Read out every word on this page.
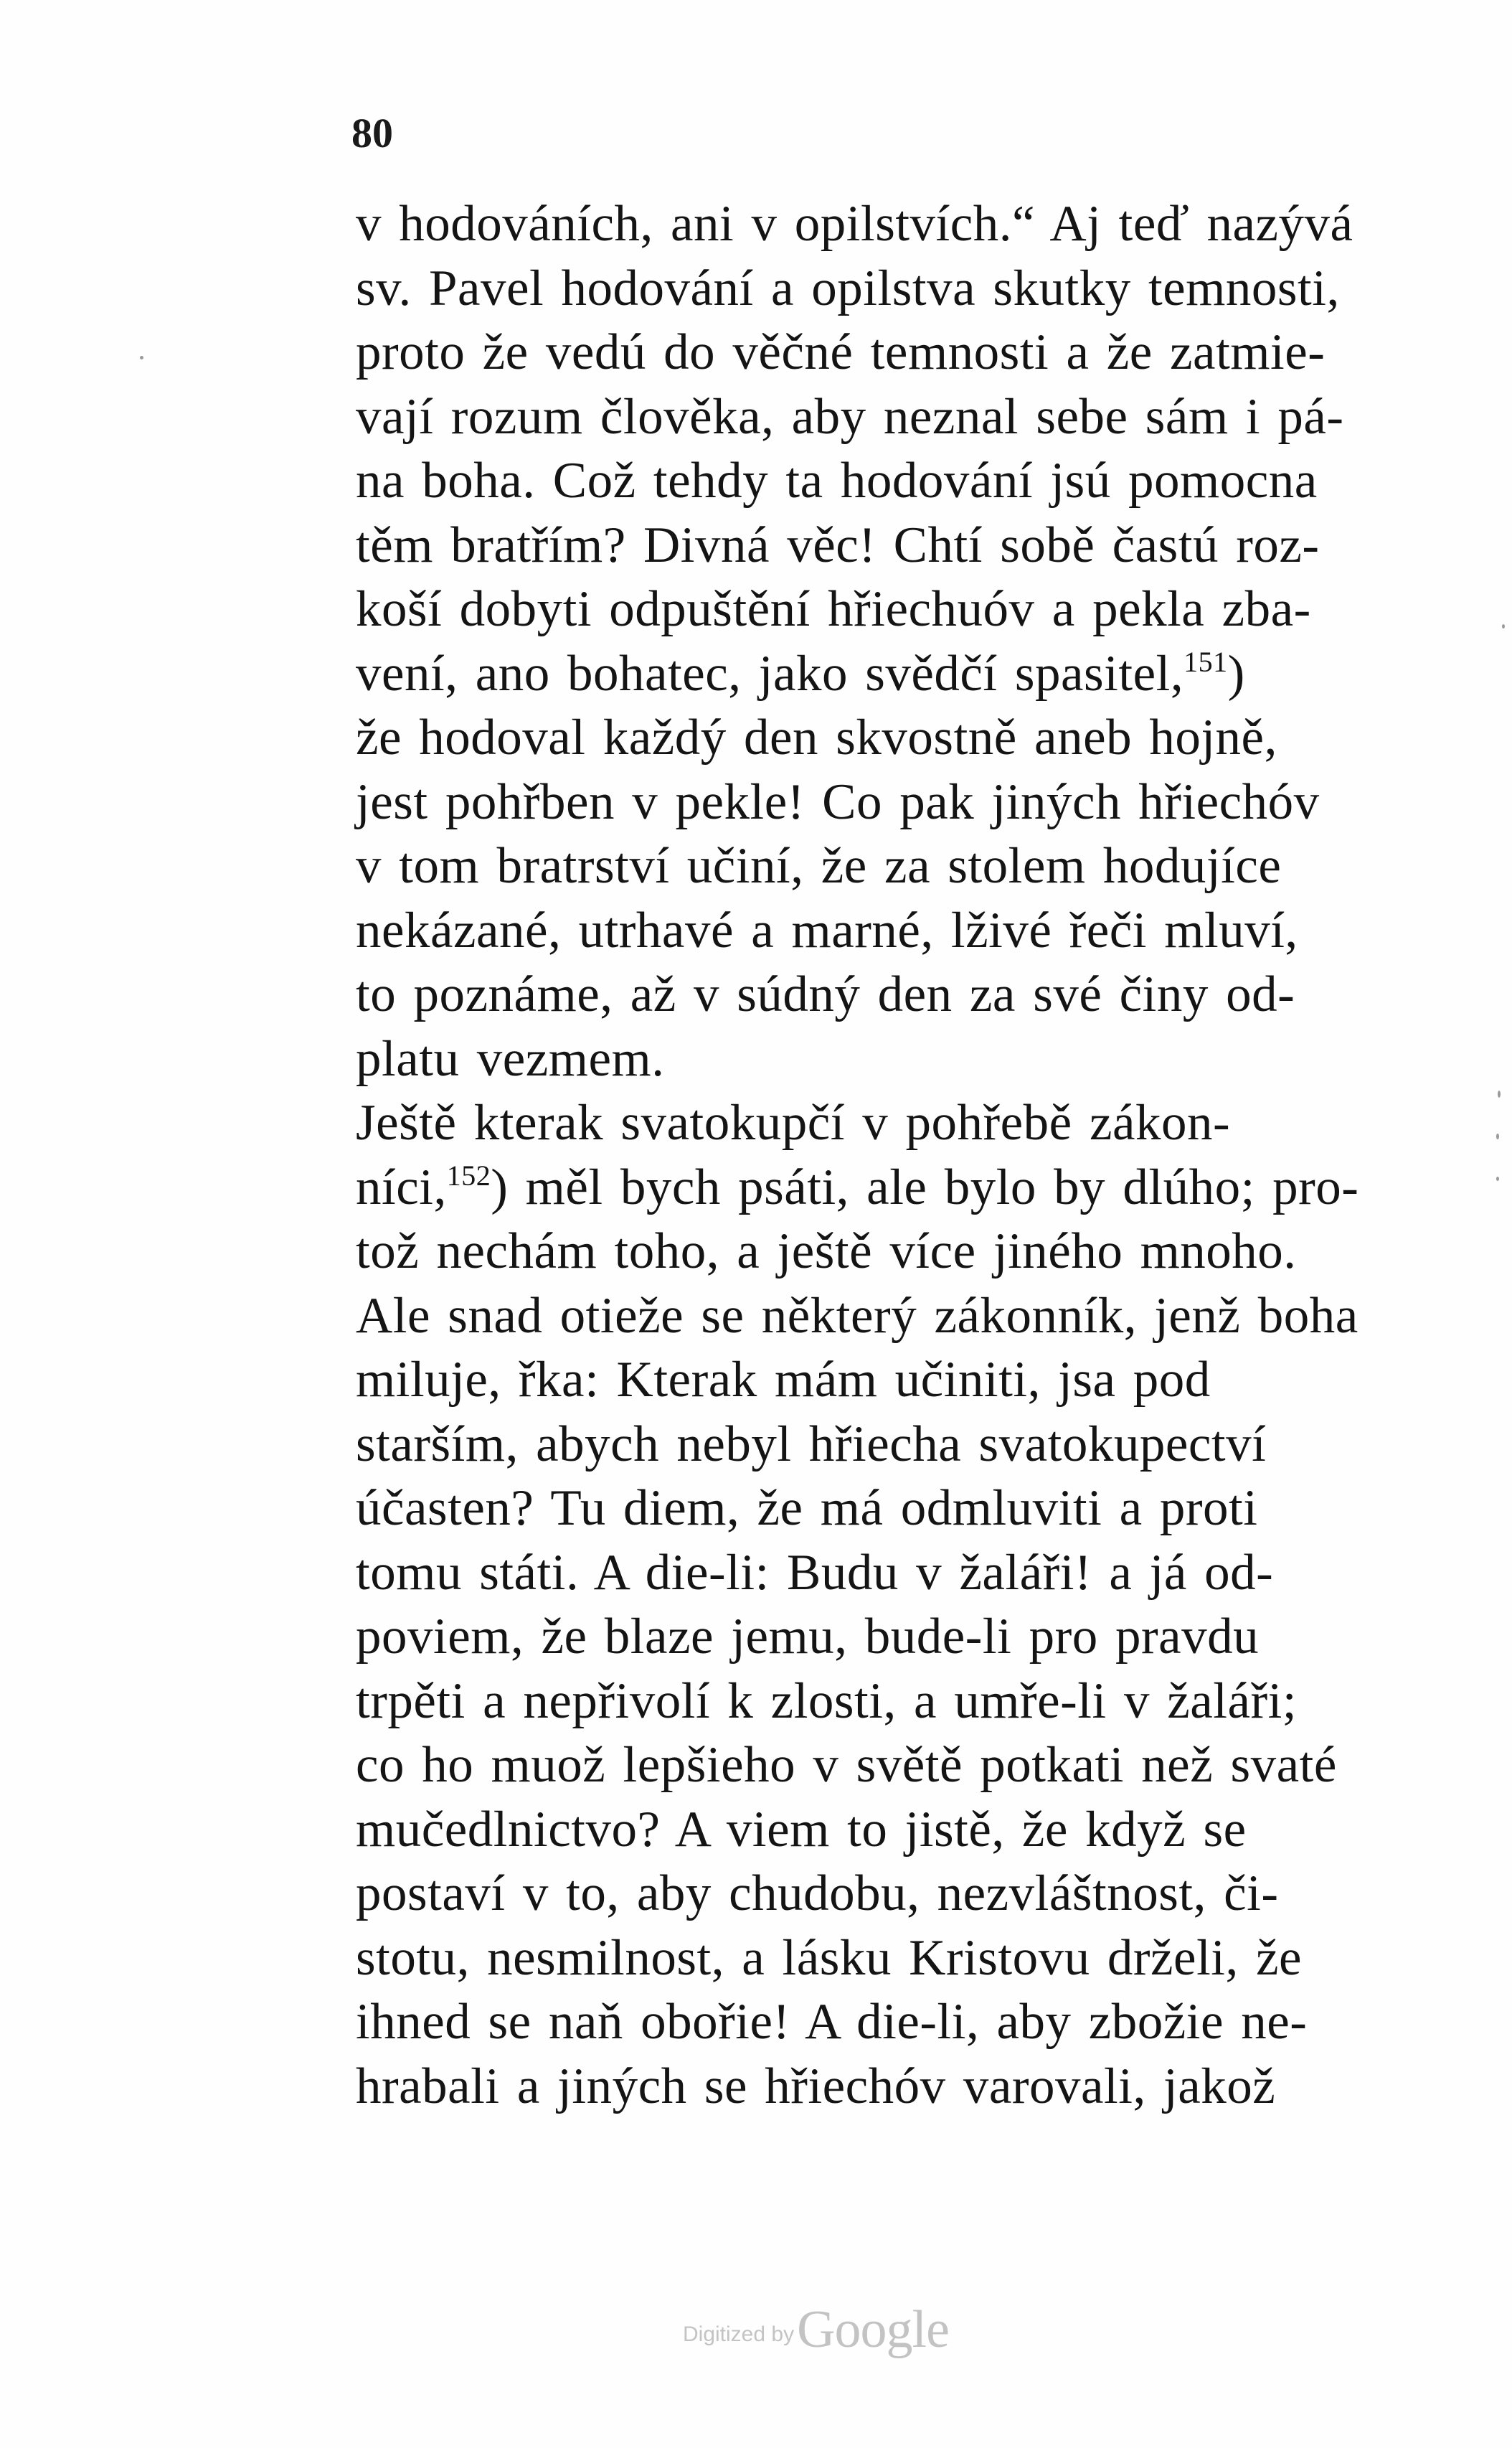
80

v hodováních, ani v opilstvích.“ Aj teď nazývá
sv. Pavel hodování a opilstva skutky temnosti,
proto že vedú do věčné temnosti a že zatmie-
vají rozum člověka, aby neznal sebe sám i pá-
na boha. Což tehdy ta hodování jsú pomocna
těm bratřím? Divná věc! Chtí sobě častú roz-
koší dobyti odpuštění hřiechuóv a pekla zba-
vení, ano bohatec, jako svědčí spasitel,$^{151}$)
že hodoval každý den skvostně aneb hojně,
jest pohřben v pekle! Co pak jiných hřiechóv
v tom bratrství učiní, že za stolem hodujíce
nekázané, utrhavé a marné, lživé řeči mluví,
to poznáme, až v súdný den za své činy od-
platu vezmem.
Ještě kterak svatokupčí v pohřebě zákon-
níci,$^{152}$) měl bych psáti, ale bylo by dlúho; pro-
tož nechám toho, a ještě více jiného mnoho.
Ale snad otieže se některý zákonník, jenž boha
miluje, řka: Kterak mám učiniti, jsa pod
starším, abych nebyl hřiecha svatokupectví
účasten? Tu diem, že má odmluviti a proti
tomu státi. A die-li: Budu v žaláři! a já od-
poviem, že blaze jemu, bude-li pro pravdu
trpěti a nepřivolí k zlosti, a umře-li v žaláři;
co ho muož lepšieho v světě potkati než svaté
mučedlnictvo? A viem to jistě, že když se
postaví v to, aby chudobu, nezvláštnost, či-
stotu, nesmilnost, a lásku Kristovu drželi, že
ihned se naň obořie! A die-li, aby zbožie ne-
hrabali a jiných se hřiechóv varovali, jakož

Digitized by Google
